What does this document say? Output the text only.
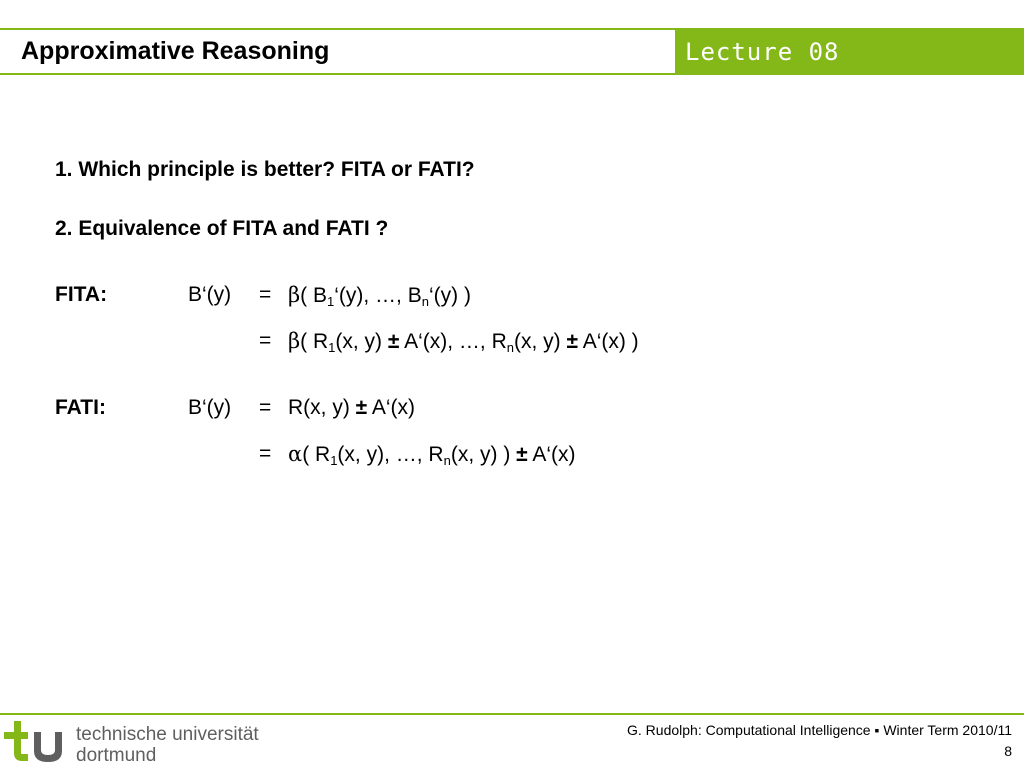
Approximative Reasoning	Lecture 08
1. Which principle is better? FITA or FATI?
2. Equivalence of FITA and FATI ?
FITA:	B‘(y) = β( $B_1‘(y)$, …, $B_n‘(y)$ )
= β( $R_1(x$, y) ± A‘(x), …, $R_n(x$, y) ± A‘(x) )
FATI:	B‘(y) = R(x, y) ± A‘(x)
= α( $R_1(x$, y), …, $R_n(x$, y) ) ± A‘(x)
technische universität
dortmund
G. Rudolph: Computational Intelligence ▪ Winter Term 2010/11
8
